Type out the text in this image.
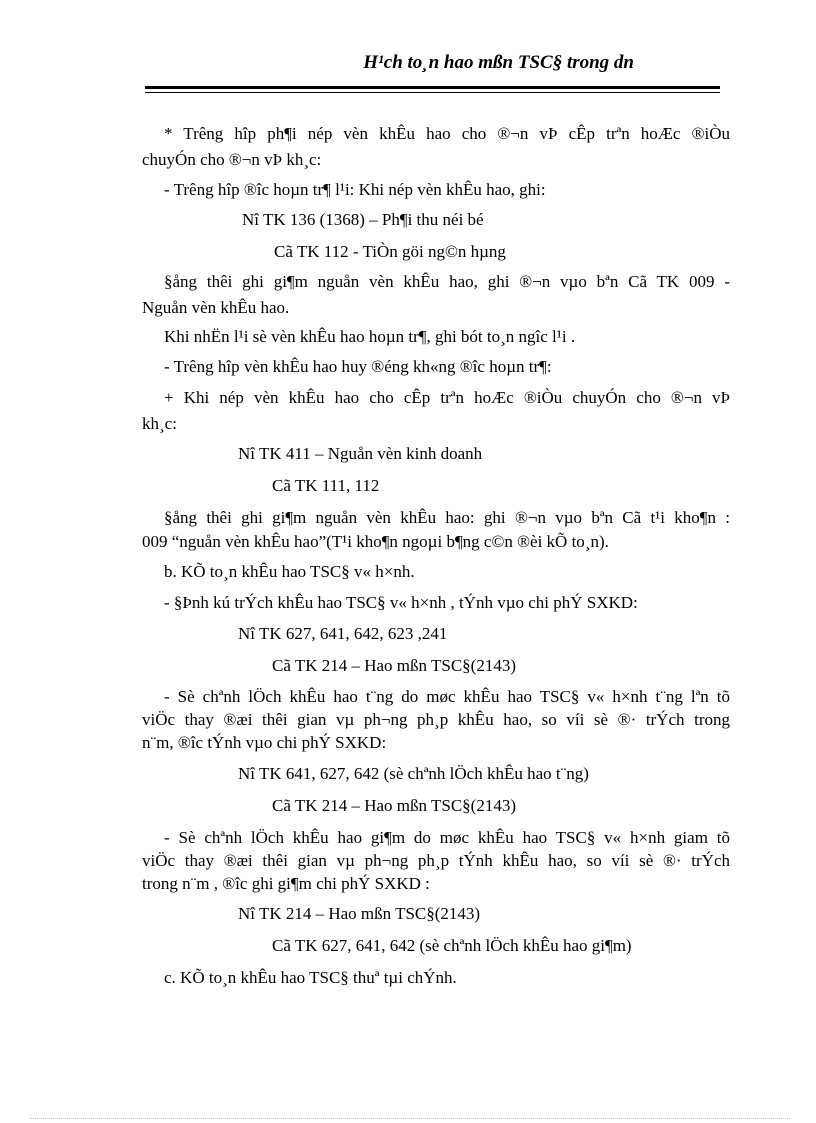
H¹ch to¸n hao mßn TSC§ trong dn
* Trêng hîp ph¶i nép vèn khÊu hao cho ®¬n vÞ cÊp trªn hoÆc ®iÒu
chuyÓn cho ®¬n vÞ kh¸c:
- Trêng hîp ®îc hoµn tr¶ l¹i: Khi nép vèn khÊu hao, ghi:
Nî TK 136 (1368) – Ph¶i thu néi bé
Cã TK 112 - TiÒn göi ng©n hµng
§ång thêi ghi gi¶m nguån vèn khÊu hao, ghi ®¬n vµo bªn Cã TK 009 -
Nguån vèn khÊu hao.
Khi nhËn l¹i sè vèn khÊu hao hoµn tr¶, ghi bót to¸n ngîc l¹i .
- Trêng hîp vèn khÊu hao huy ®éng kh«ng ®îc hoµn tr¶:
+ Khi nép vèn khÊu hao cho cÊp trªn hoÆc ®iÒu chuyÓn cho ®¬n vÞ
kh¸c:
Nî TK 411 – Nguån vèn kinh doanh
Cã TK 111, 112
§ång thêi ghi gi¶m nguån vèn khÊu hao: ghi ®¬n vµo bªn Cã t¹i kho¶n :
009 “nguån vèn khÊu hao”(T¹i kho¶n ngoµi b¶ng c©n ®èi kÕ to¸n).
b. KÕ to¸n khÊu hao TSC§ v« h×nh.
- §Þnh kú trÝch khÊu hao TSC§ v« h×nh , tÝnh vµo chi phÝ SXKD:
Nî TK 627, 641, 642, 623 ,241
Cã TK 214 – Hao mßn TSC§(2143)
- Sè chªnh lÖch khÊu hao t¨ng do møc khÊu hao TSC§ v« h×nh t¨ng lªn tõ
viÖc thay ®æi thêi gian vµ ph¬ng ph¸p khÊu hao, so víi sè ®· trÝch trong
n¨m, ®îc tÝnh vµo chi phÝ SXKD:
Nî TK 641, 627, 642 (sè chªnh lÖch khÊu hao t¨ng)
Cã TK 214 – Hao mßn TSC§(2143)
- Sè chªnh lÖch khÊu hao gi¶m do møc khÊu hao TSC§ v« h×nh giam tõ
viÖc thay ®æi thêi gian vµ ph¬ng ph¸p tÝnh khÊu hao, so víi sè ®· trÝch
trong n¨m , ®îc ghi gi¶m chi phÝ SXKD :
Nî TK 214 – Hao mßn TSC§(2143)
Cã TK 627, 641, 642 (sè chªnh lÖch khÊu hao gi¶m)
c. KÕ to¸n khÊu hao TSC§ thuª tµi chÝnh.
